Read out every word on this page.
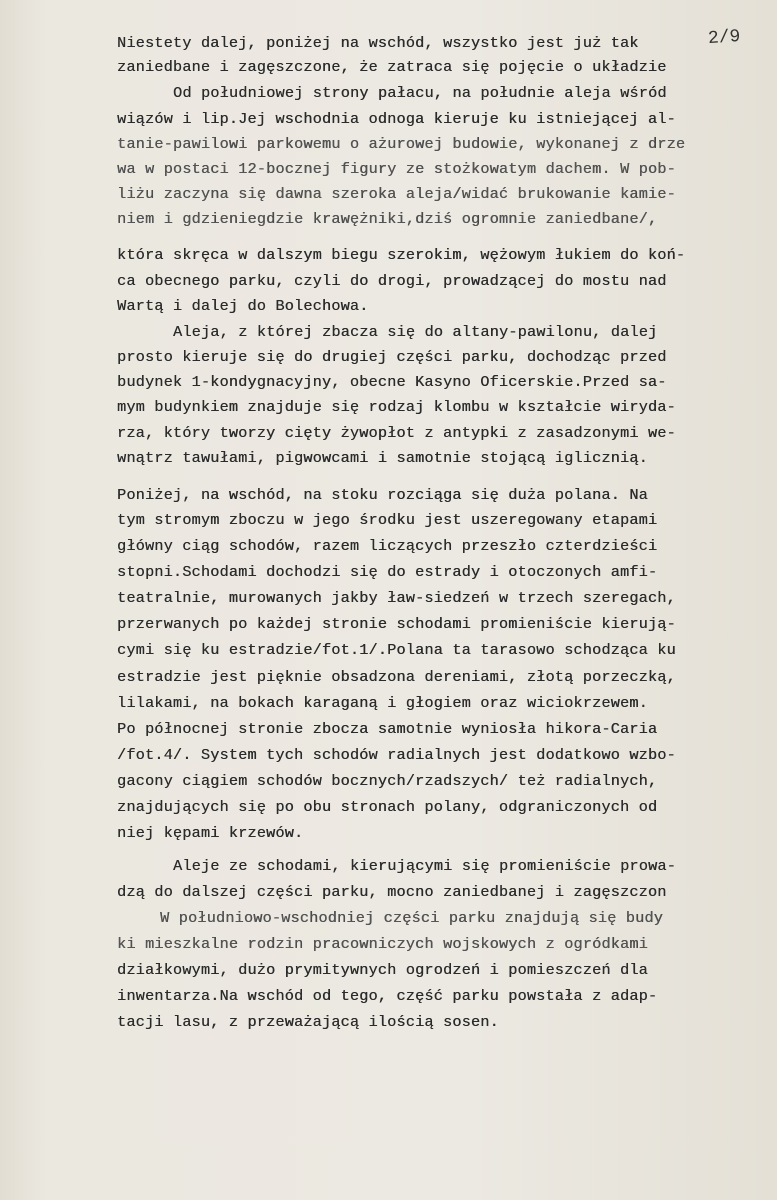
2/9
Niestety dalej, poniżej na wschód, wszystko jest już tak
zaniedbane i zagęszczone, że zatraca się pojęcie o układzie
Od południowej strony pałacu, na południe aleja wśród
wiązów i lip.Jej wschodnia odnoga kieruje ku istniejącej al-
tanie-pawilowi parkowemu o ażurowej budowie, wykonanej z drze
wa w postaci 12-bocznej figury ze stożkowatym dachem. W pob-
liżu zaczyna się dawna szeroka aleja/widać brukowanie kamie-
niem i gdzieniegdzie krawężniki,dziś ogromnie zaniedbane/,
która skręca w dalszym biegu szerokim, wężowym łukiem do koń-
ca obecnego parku, czyli do drogi, prowadzącej do mostu nad
Wartą i dalej do Bolechowa.
Aleja, z której zbacza się do altany-pawilonu, dalej
prosto kieruje się do drugiej części parku, dochodząc przed
budynek 1-kondygnacyjny, obecne Kasyno Oficerskie.Przed sa-
mym budynkiem znajduje się rodzaj klombu w kształcie wiryda-
rza, który tworzy cięty żywopłot z antypki z zasadzonymi we-
wnątrz tawułami, pigwowcami i samotnie stojącą iglicznią.
Poniżej, na wschód, na stoku rozciąga się duża polana. Na
tym stromym zboczu w jego środku jest uszeregowany etapami
główny ciąg schodów, razem liczących przeszło czterdzieści
stopni.Schodami dochodzi się do estrady i otoczonych amfi-
teatralnie, murowanych jakby ław-siedzeń w trzech szeregach,
przerwanych po każdej stronie schodami promieniście kierują-
cymi się ku estradzie/fot.1/.Polana ta tarasowo schodząca ku
estradzie jest pięknie obsadzona dereniami, złotą porzeczką,
lilakami, na bokach karaganą i głogiem oraz wiciokrzewem.
Po północnej stronie zbocza samotnie wyniosła hikora-Caria
/fot.4/. System tych schodów radialnych jest dodatkowo wzbo-
gacony ciągiem schodów bocznych/rzadszych/ też radialnych,
znajdujących się po obu stronach polany, odgraniczonych od
niej kępami krzewów.
Aleje ze schodami, kierującymi się promieniście prowa-
dzą do dalszej części parku, mocno zaniedbanej i zagęszczon
W południowo-wschodniej części parku znajdują się budy
ki mieszkalne rodzin pracowniczych wojskowych z ogródkami
działkowymi, dużo prymitywnych ogrodzeń i pomieszczeń dla
inwentarza.Na wschód od tego, część parku powstała z adap-
tacji lasu, z przeważającą ilością sosen.
